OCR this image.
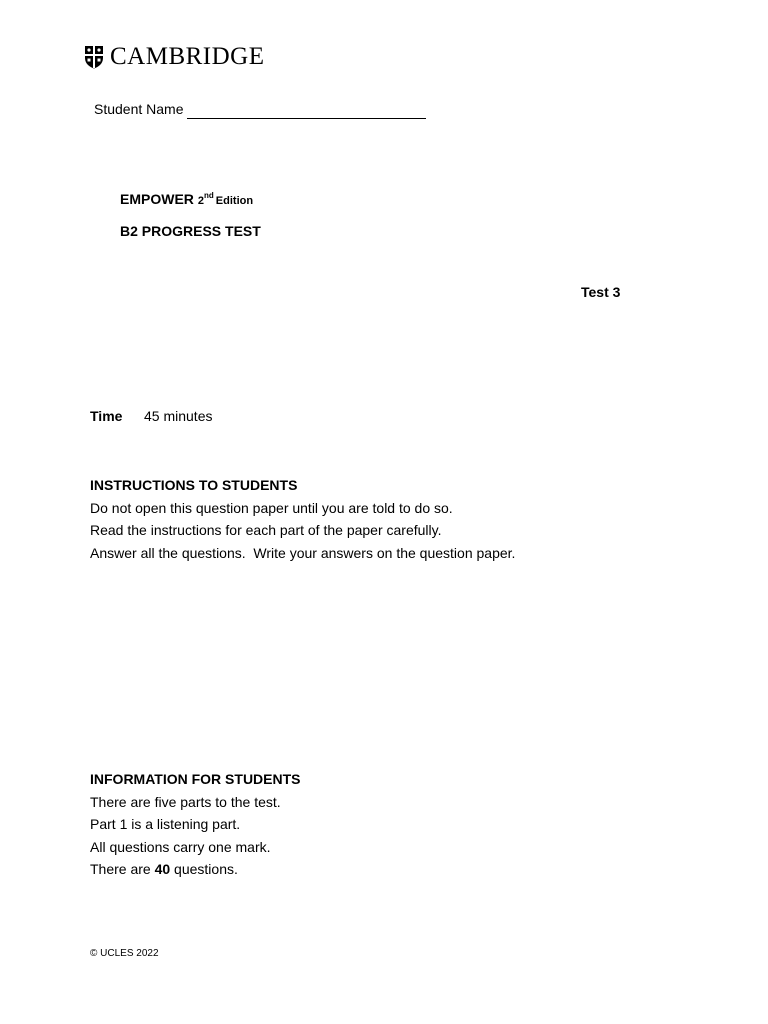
CAMBRIDGE
Student Name
EMPOWER 2nd Edition
B2 PROGRESS TEST
Test 3
Time 45 minutes
INSTRUCTIONS TO STUDENTS

Do not open this question paper until you are told to do so.

Read the instructions for each part of the paper carefully.

Answer all the questions.  Write your answers on the question paper.

INFORMATION FOR STUDENTS

There are five parts to the test.

Part 1 is a listening part.

All questions carry one mark.

There are 40 questions.

© UCLES 2022
